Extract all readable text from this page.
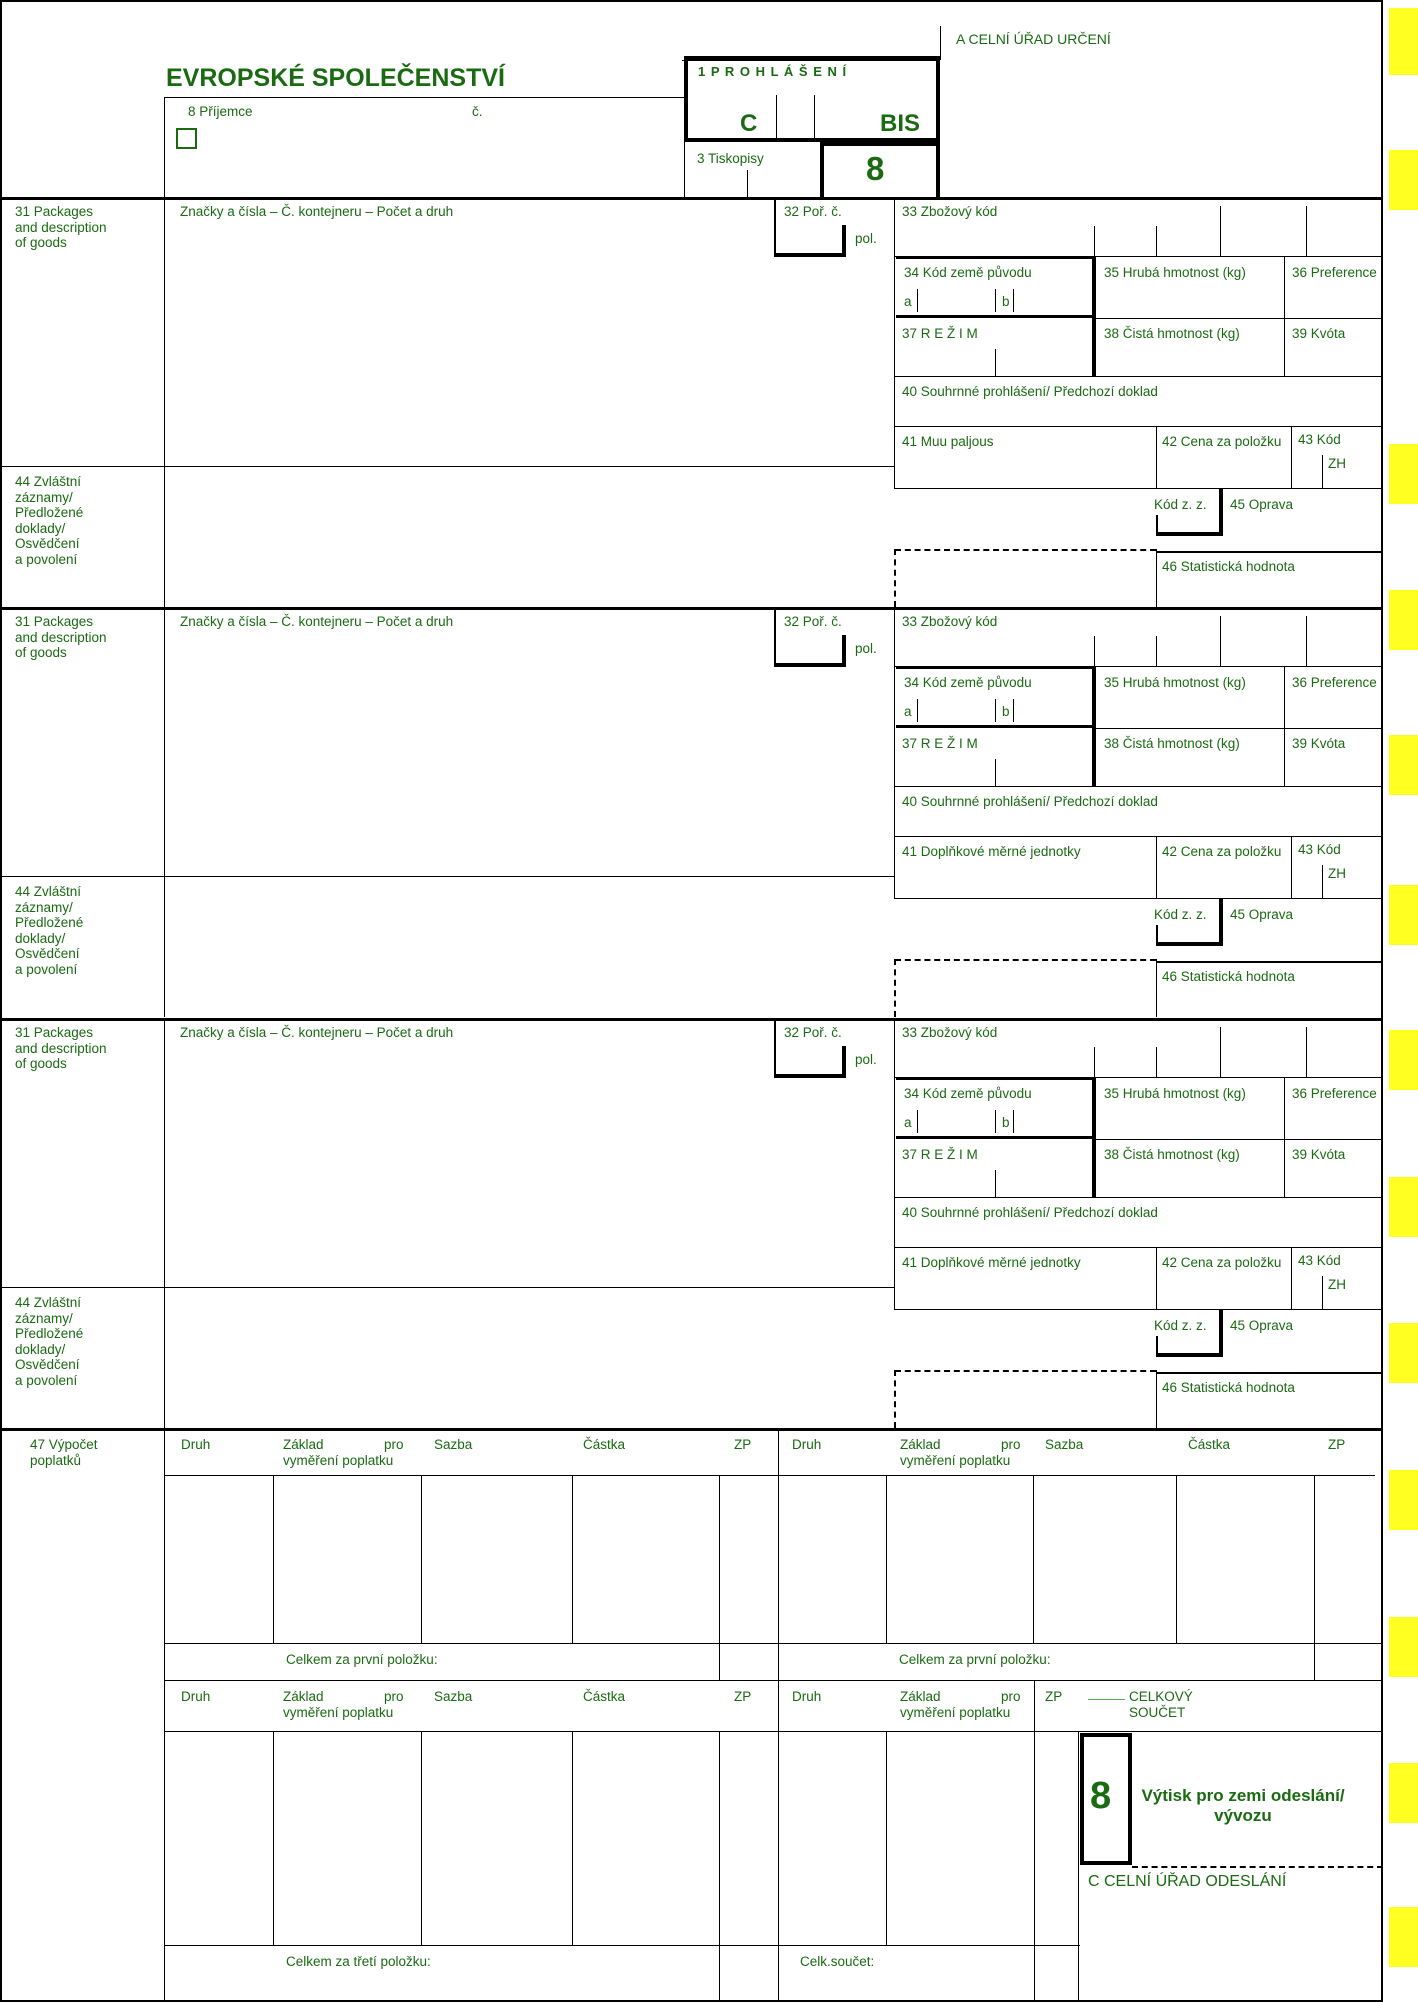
A CELNÍ ÚŘAD URČENÍ
EVROPSKÉ SPOLEČENSTVÍ	1 P R O H L Á Š E N Í
C	BIS
8 Příjemce	č.
3 Tiskopisy	8
31 Packages
and description
of goods
Značky a čísla – Č. kontejneru – Počet a druh	32 Poř. č.
pol.
33 Zbožový kód
34 Kód země původu
a	b
35 Hrubá hmotnost (kg)	36 Preference
37 R E Ž I M	38 Čistá hmotnost (kg)	39 Kvóta
40 Souhrnné prohlášení/ Předchozí doklad
41 Muu paljous	42 Cena za položku 43 Kód
ZH
44 Zvláštní
záznamy/
Předložené
doklady/
Osvědčení
a povolení
Kód z. z. 45 Oprava
46 Statistická hodnota
31 Packages
and description
of goods
Značky a čísla – Č. kontejneru – Počet a druh	32 Poř. č.
pol.
33 Zbožový kód
34 Kód země původu
a	b
35 Hrubá hmotnost (kg)	36 Preference
37 R E Ž I M	38 Čistá hmotnost (kg)	39 Kvóta
40 Souhrnné prohlášení/ Předchozí doklad
41 Doplňkové měrné jednotky	42 Cena za položku 43 Kód
ZH
44 Zvláštní
záznamy/
Předložené
doklady/
Osvědčení
a povolení
Kód z. z. 45 Oprava
46 Statistická hodnota
31 Packages
and description
of goods
Značky a čísla – Č. kontejneru – Počet a druh	32 Poř. č.
pol.
33 Zbožový kód
34 Kód země původu
a	b
35 Hrubá hmotnost (kg)	36 Preference
37 R E Ž I M	38 Čistá hmotnost (kg)	39 Kvóta
40 Souhrnné prohlášení/ Předchozí doklad
41 Doplňkové měrné jednotky	42 Cena za položku 43 Kód
ZH
44 Zvláštní
záznamy/
Předložené
doklady/
Osvědčení
a povolení
Kód z. z. 45 Oprava
46 Statistická hodnota
47 Výpočet
poplatků
Druh	Základ	pro
vyměření poplatku
Sazba	Částka	ZP	Druh	Základ	pro
vyměření poplatku
Sazba	Částka	ZP
Celkem za první položku:	Celkem za první položku:
Druh	Základ	pro
vyměření poplatku
Sazba	Částka	ZP	Druh	Základ	pro
vyměření poplatku
ZP	CELKOVÝ
SOUČET
Celkem za třetí položku:	Celk.součet:
8 Výtisk pro zemi odeslání/
vývozu
C CELNÍ ÚŘAD ODESLÁNÍ
